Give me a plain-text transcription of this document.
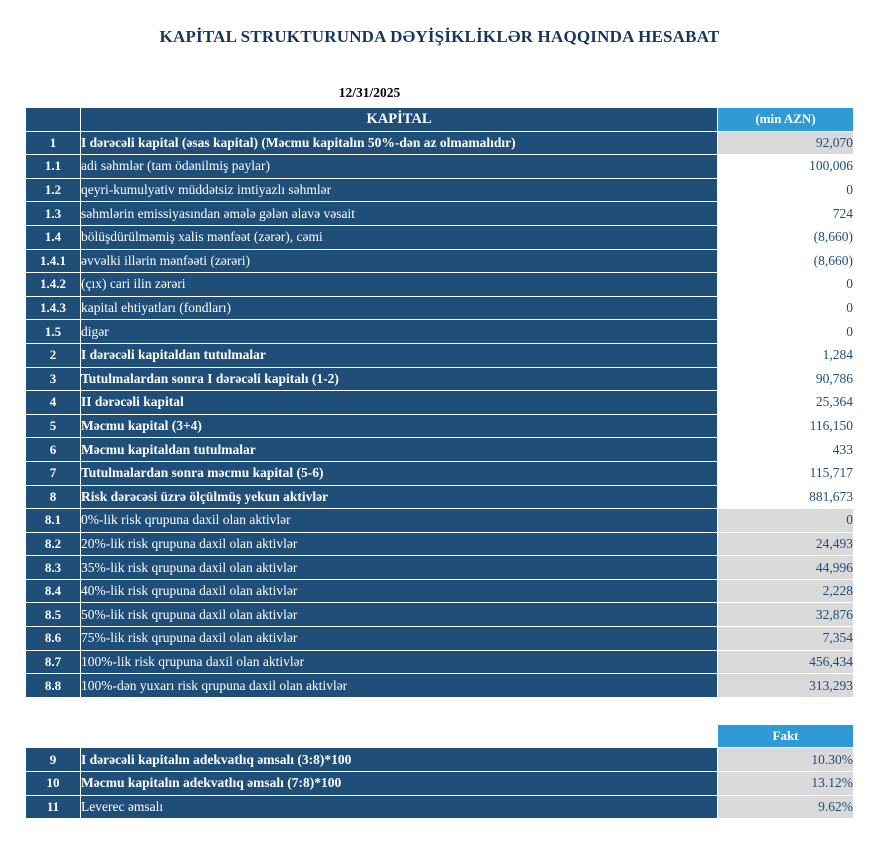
KAPİTAL STRUKTURUNDA DƏYİŞİKLİKLƏR HAQQINDA HESABAT
12/31/2025
	KAPİTAL	(min AZN)
1	I dərəcəli kapital (əsas kapital) (Məcmu kapitalın 50%-dən az olmamalıdır)	92,070
1.1	adi səhmlər (tam ödənilmiş paylar)	100,006
1.2	qeyri-kumulyativ müddətsiz imtiyazlı səhmlər	0
1.3	səhmlərin emissiyasından əmələ gələn əlavə vəsait	724
1.4	bölüşdürülməmiş xalis mənfəət (zərər), cəmi	(8,660)
1.4.1	əvvəlki illərin mənfəəti (zərəri)	(8,660)
1.4.2	(çıx) cari ilin zərəri	0
1.4.3	kapital ehtiyatları (fondları)	0
1.5	digər	0
2	I dərəcəli kapitaldan tutulmalar	1,284
3	Tutulmalardan sonra I dərəcəli kapitalı (1-2)	90,786
4	II dərəcəli kapital	25,364
5	Məcmu kapital (3+4)	116,150
6	Məcmu kapitaldan tutulmalar	433
7	Tutulmalardan sonra məcmu kapital (5-6)	115,717
8	Risk dərəcəsi üzrə ölçülmüş yekun aktivlər	881,673
8.1	0%-lik risk qrupuna daxil olan aktivlər	0
8.2	20%-lik risk qrupuna daxil olan aktivlər	24,493
8.3	35%-lik risk qrupuna daxil olan aktivlər	44,996
8.4	40%-lik risk qrupuna daxil olan aktivlər	2,228
8.5	50%-lik risk qrupuna daxil olan aktivlər	32,876
8.6	75%-lik risk qrupuna daxil olan aktivlər	7,354
8.7	100%-lik risk qrupuna daxil olan aktivlər	456,434
8.8	100%-dən yuxarı risk qrupuna daxil olan aktivlər	313,293
		Fakt
9	I dərəcəli kapitalın adekvatlıq əmsalı (3:8)*100	10.30%
10	Məcmu kapitalın adekvatlıq əmsalı (7:8)*100	13.12%
11	Leverec əmsalı	9.62%
